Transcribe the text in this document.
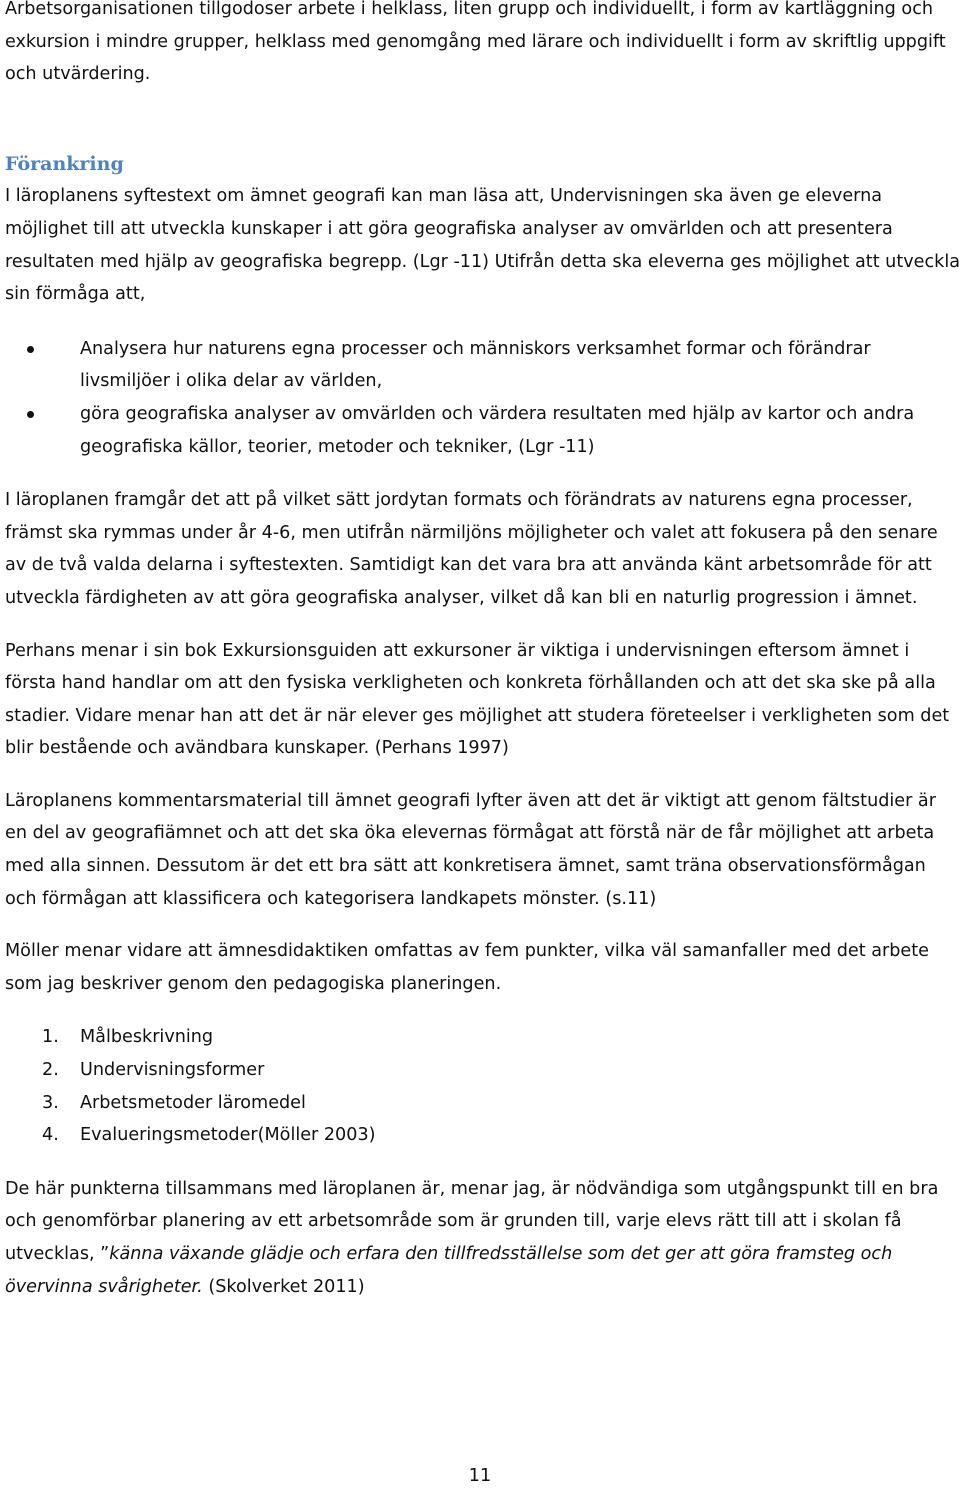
Arbetsorganisationen tillgodoser arbete i helklass, liten grupp och individuellt, i form av kartläggning och exkursion i mindre grupper, helklass med genomgång med lärare och individuellt i form av skriftlig uppgift och utvärdering.

Förankring

I läroplanens syftestext om ämnet geografi kan man läsa att, Undervisningen ska även ge eleverna möjlighet till att utveckla kunskaper i att göra geografiska analyser av omvärlden och att presentera resultaten med hjälp av geografiska begrepp. (Lgr -11) Utifrån detta ska eleverna ges möjlighet att utveckla sin förmåga att,

Analysera hur naturens egna processer och människors verksamhet formar och förändrar livsmiljöer i olika delar av världen,
göra geografiska analyser av omvärlden och värdera resultaten med hjälp av kartor och andra geografiska källor, teorier, metoder och tekniker, (Lgr -11)

I läroplanen framgår det att på vilket sätt jordytan formats och förändrats av naturens egna processer, främst ska rymmas under år 4-6, men utifrån närmiljöns möjligheter och valet att fokusera på den senare av de två valda delarna i syftestexten. Samtidigt kan det vara bra att använda känt arbetsområde för att utveckla färdigheten av att göra geografiska analyser, vilket då kan bli en naturlig progression i ämnet.

Perhans menar i sin bok Exkursionsguiden att exkursoner är viktiga i undervisningen eftersom ämnet i första hand handlar om att den fysiska verkligheten och konkreta förhållanden och att det ska ske på alla stadier. Vidare menar han att det är när elever ges möjlighet att studera företeelser i verkligheten som det blir bestående och avändbara kunskaper. (Perhans 1997)

Läroplanens kommentarsmaterial till ämnet geografi lyfter även att det är viktigt att genom fältstudier är en del av geografiämnet och att det ska öka elevernas förmågat att förstå när de får möjlighet att arbeta med alla sinnen. Dessutom är det ett bra sätt att konkretisera ämnet, samt träna observationsförmågan och förmågan att klassificera och kategorisera landkapets mönster. (s.11)

Möller menar vidare att ämnesdidaktiken omfattas av fem punkter, vilka väl samanfaller med det arbete som jag beskriver genom den pedagogiska planeringen.

1. Målbeskrivning
2. Undervisningsformer
3. Arbetsmetoder läromedel
4. Evalueringsmetoder(Möller 2003)

De här punkterna tillsammans med läroplanen är, menar jag, är nödvändiga som utgångspunkt till en bra och genomförbar planering av ett arbetsområde som är grunden till, varje elevs rätt till att i skolan få utvecklas, ”känna växande glädje och erfara den tillfredsställelse som det ger att göra framsteg och övervinna svårigheter. (Skolverket 2011)

11
